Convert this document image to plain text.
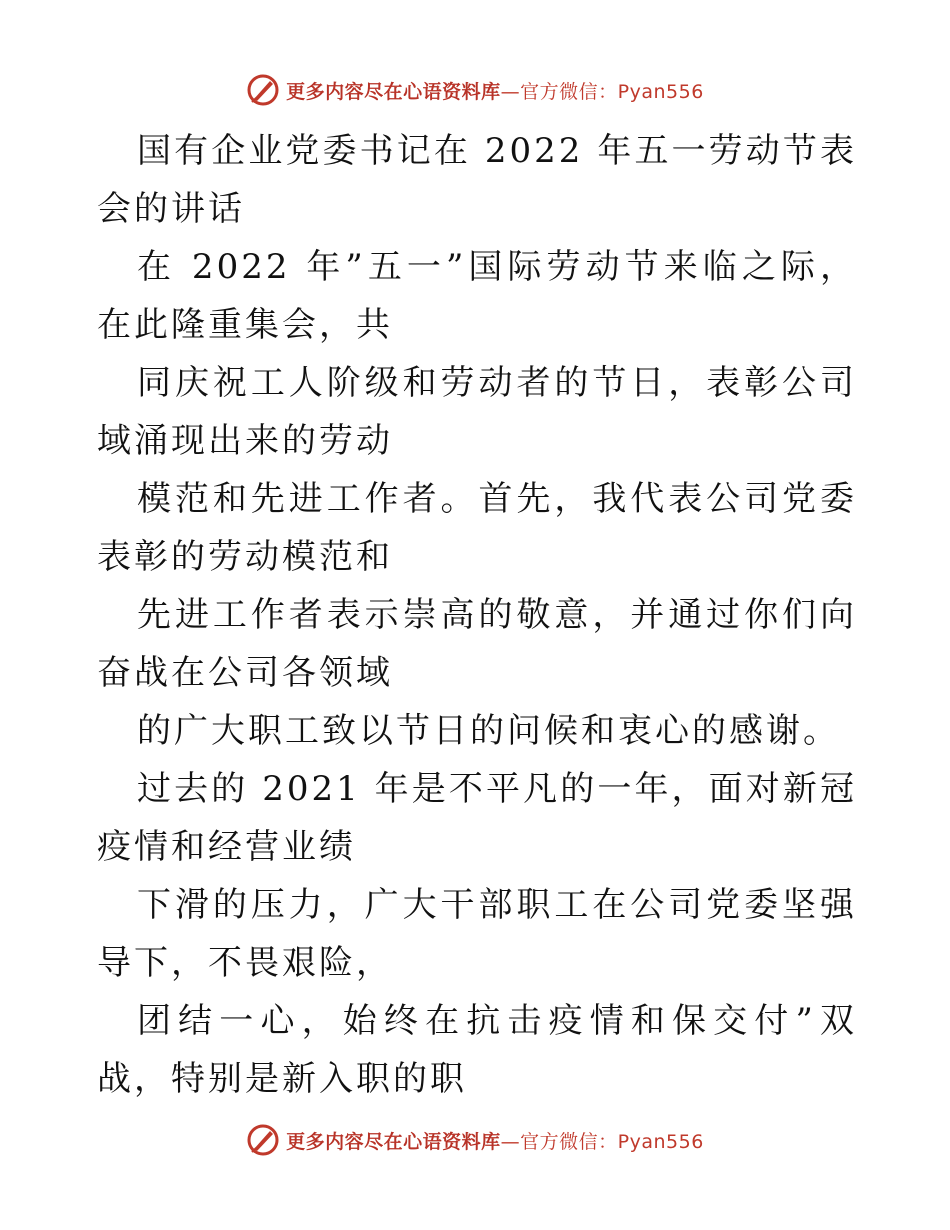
更多内容尽在心语资料库—官方微信：Pyan556
国有企业党委书记在 2022 年五一劳动节表
会的讲话
在 2022 年”五一”国际劳动节来临之际，
在此隆重集会，共
同庆祝工人阶级和劳动者的节日，表彰公司
域涌现出来的劳动
模范和先进工作者。首先，我代表公司党委
表彰的劳动模范和
先进工作者表示崇高的敬意，并通过你们向
奋战在公司各领域
的广大职工致以节日的问候和衷心的感谢。
过去的 2021 年是不平凡的一年，面对新冠
疫情和经营业绩
下滑的压力，广大干部职工在公司党委坚强
导下，不畏艰险，
团结一心，始终在抗击疫情和保交付”双
战，特别是新入职的职
更多内容尽在心语资料库—官方微信：Pyan556
